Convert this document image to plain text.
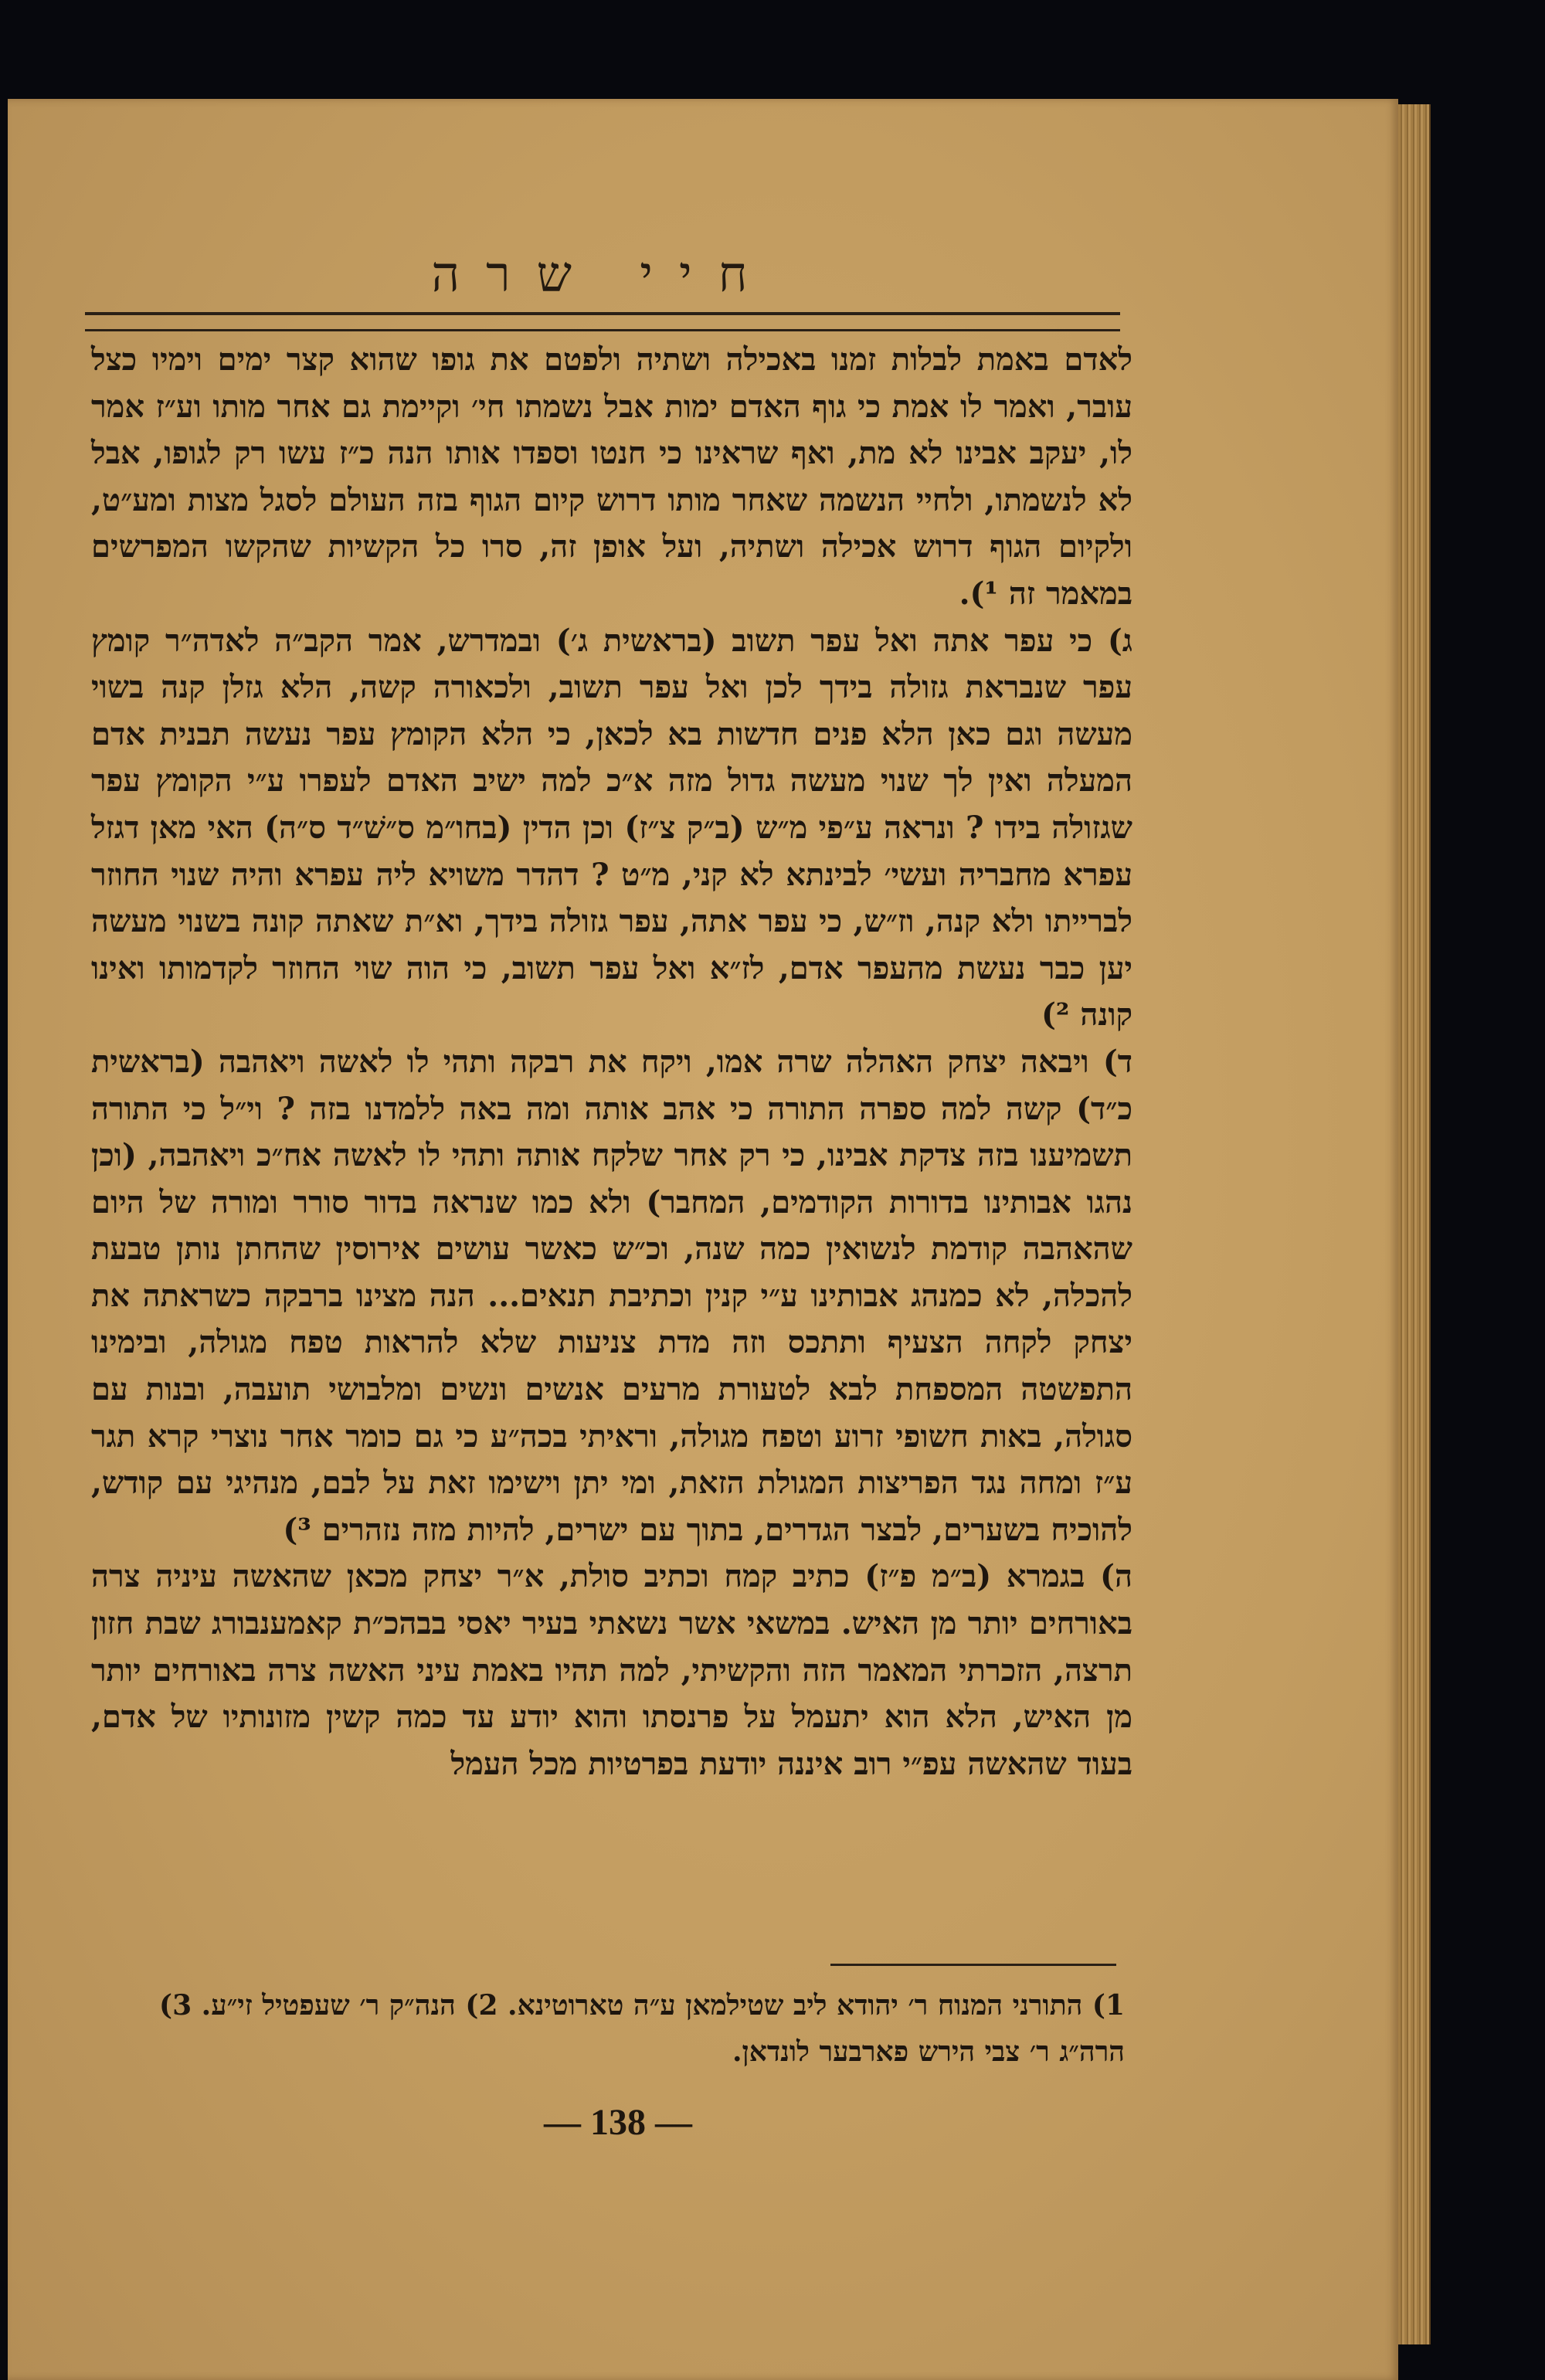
חיי שרה

לאדם באמת לבלות זמנו באכילה ושתיה ולפטם את גופו שהוא קצר ימים וימיו כצל עובר, ואמר לו אמת כי גוף האדם ימות אבל נשמתו חי׳ וקיימת גם אחר מותו וע״ז אמר לו, יעקב אבינו לא מת, ואף שראינו כי חנטו וספדו אותו הנה כ״ז עשו רק לגופו, אבל לא לנשמתו, ולחיי הנשמה שאחר מותו דרוש קיום הגוף בזה העולם לסגל מצות ומע״ט, ולקיום הגוף דרוש אכילה ושתיה, ועל אופן זה, סרו כל הקשיות שהקשו המפרשים במאמר זה ¹)․

ג) כי עפר אתה ואל עפר תשוב (בראשית ג׳) ובמדרש, אמר הקב״ה לאדה״ר קומץ עפר שנבראת גזולה בידך לכן ואל עפר תשוב, ולכאורה קשה, הלא גזלן קנה בשוי מעשה וגם כאן הלא פנים חדשות בא לכאן, כי הלא הקומץ עפר נעשה תבנית אדם המעלה ואין לך שנוי מעשה גדול מזה א״כ למה ישיב האדם לעפרו ע״י הקומץ עפר שגזולה בידו ? ונראה ע״פי מ״ש (ב״ק צ״ז) וכן הדין (בחו״מ ס״שׁ״ד ס״ה) האי מאן דגזל עפרא מחבריה ועשי׳ לבינתא לא קני, מ״ט ? דהדר משויא ליה עפרא והיה שנוי החוזר לברייתו ולא קנה, וז״ש, כי עפר אתה, עפר גזולה בידך, וא״ת שאתה קונה בשנוי מעשה יען כבר נעשת מהעפר אדם, לז״א ואל עפר תשוב, כי הוה שוי החוזר לקדמותו ואינו קונה ²)

ד) ויבאה יצחק האהלה שרה אמו, ויקח את רבקה ותהי לו לאשה ויאהבה (בראשית כ״ד) קשה למה ספרה התורה כי אהב אותה ומה באה ללמדנו בזה ? וי״ל כי התורה תשמיענו בזה צדקת אבינו, כי רק אחר שלקח אותה ותהי לו לאשה אח״כ ויאהבה, (וכן נהגו אבותינו בדורות הקודמים, המחבר) ולא כמו שנראה בדור סורר ומורה של היום שהאהבה קודמת לנשואין כמה שנה, וכ״ש כאשר עושים אירוסין שהחתן נותן טבעת להכלה, לא כמנהג אבותינו ע״י קנין וכתיבת תנאים... הנה מצינו ברבקה כשראתה את יצחק לקחה הצעיף ותתכס וזה מדת צניעות שלא להראות טפח מגולה, ובימינו התפשטה המספחת לבא לטעורת מרעים אנשים ונשים ומלבושי תועבה, ובנות עם סגולה, באות חשופי זרוע וטפח מגולה, וראיתי בכה״ע כי גם כומר אחר נוצרי קרא תגר ע״ז ומחה נגד הפריצות המגולת הזאת, ומי יתן וישימו זאת על לבם, מנהיגי עם קודש, להוכיח בשערים, לבצר הגדרים, בתוך עם ישרים, להיות מזה נזהרים ³)

ה) בגמרא (ב״מ פ״ז) כתיב קמח וכתיב סולת, א״ר יצחק מכאן שהאשה עיניה צרה באורחים יותר מן האיש. במשאי אשר נשאתי בעיר יאסי בבהכ״ת קאמענבורג שבת חזון תרצה, הזכרתי המאמר הזה והקשיתי, למה תהיו באמת עיני האשה צרה באורחים יותר מן האיש, הלא הוא יתעמל על פרנסתו והוא יודע עד כמה קשין מזונותיו של אדם, בעוד שהאשה עפ״י רוב איננה יודעת בפרטיות מכל העמל

1) התורני המנוח ר׳ יהודא ליב שטילמאן ע״ה טארוטינא. 2) הנה״ק ר׳ שעפטיל זי״ע. 3) הרה״ג ר׳ צבי הירש פארבער לונדאן.
— 138 —
